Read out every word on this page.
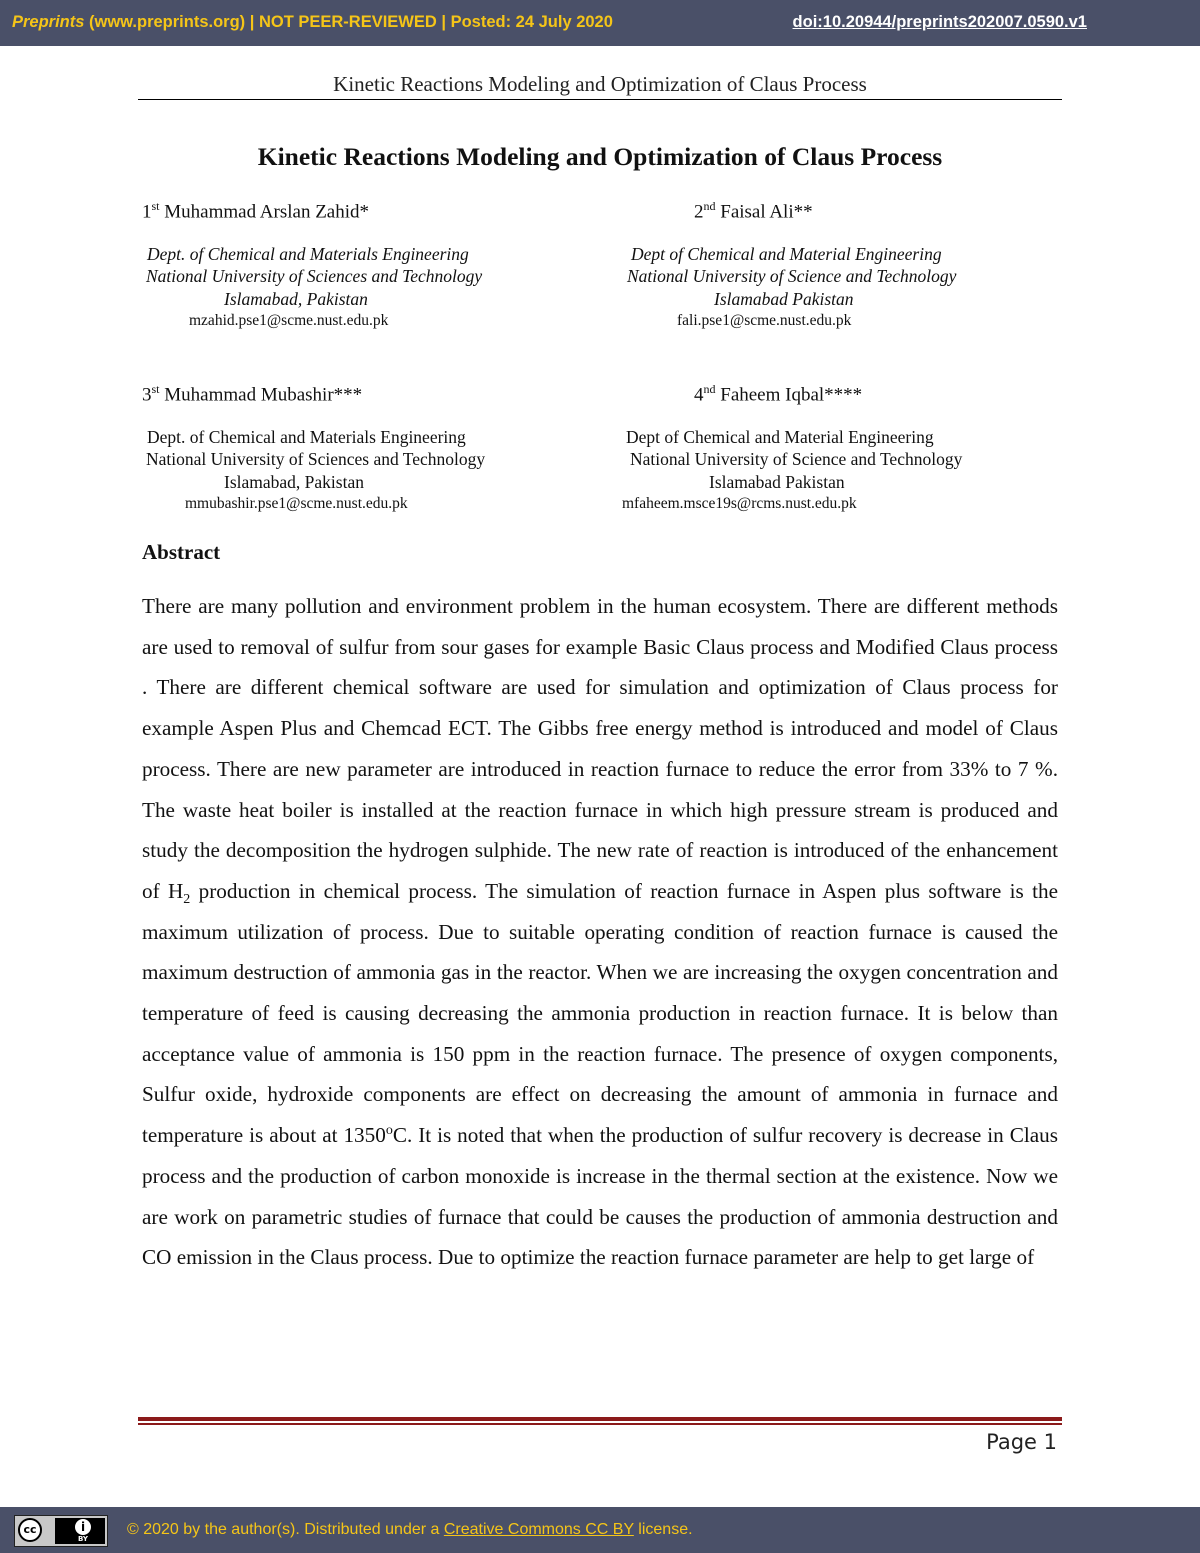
Preprints (www.preprints.org) | NOT PEER-REVIEWED | Posted: 24 July 2020	doi:10.20944/preprints202007.0590.v1
Kinetic Reactions Modeling and Optimization of Claus Process
Kinetic Reactions Modeling and Optimization of Claus Process
1st Muhammad Arslan Zahid*
Dept. of Chemical and Materials Engineering
National University of Sciences and Technology
Islamabad, Pakistan
mzahid.pse1@scme.nust.edu.pk
2nd Faisal Ali**
Dept of Chemical and Material Engineering
National University of Science and Technology
Islamabad Pakistan
fali.pse1@scme.nust.edu.pk
3st Muhammad Mubashir***
Dept. of Chemical and Materials Engineering
National University of Sciences and Technology
Islamabad, Pakistan
mmubashir.pse1@scme.nust.edu.pk
4nd Faheem Iqbal****
Dept of Chemical and Material Engineering
National University of Science and Technology
Islamabad Pakistan
mfaheem.msce19s@rcms.nust.edu.pk
Abstract
There are many pollution and environment problem in the human ecosystem. There are different methods are used to removal of sulfur from sour gases for example Basic Claus process and Modified Claus process . There are different chemical software are used for simulation and optimization of Claus process for example Aspen Plus and Chemcad ECT. The Gibbs free energy method is introduced and model of Claus process. There are new parameter are introduced in reaction furnace to reduce the error from 33% to 7 %. The waste heat boiler is installed at the reaction furnace in which high pressure stream is produced and study the decomposition the hydrogen sulphide. The new rate of reaction is introduced of the enhancement of $H_2$ production in chemical process. The simulation of reaction furnace in Aspen plus software is the maximum utilization of process. Due to suitable operating condition of reaction furnace is caused the maximum destruction of ammonia gas in the reactor. When we are increasing the oxygen concentration and temperature of feed is causing decreasing the ammonia production in reaction furnace. It is below than acceptance value of ammonia is 150 ppm in the reaction furnace. The presence of oxygen components, Sulfur oxide, hydroxide components are effect on decreasing the amount of ammonia in furnace and temperature is about at 1350$^o$C. It is noted that when the production of sulfur recovery is decrease in Claus process and the production of carbon monoxide is increase in the thermal section at the existence. Now we are work on parametric studies of furnace that could be causes the production of ammonia destruction and CO emission in the Claus process. Due to optimize the reaction furnace parameter are help to get large of
Page 1
cc	i
BY
© 2020 by the author(s). Distributed under a Creative Commons CC BY license.
